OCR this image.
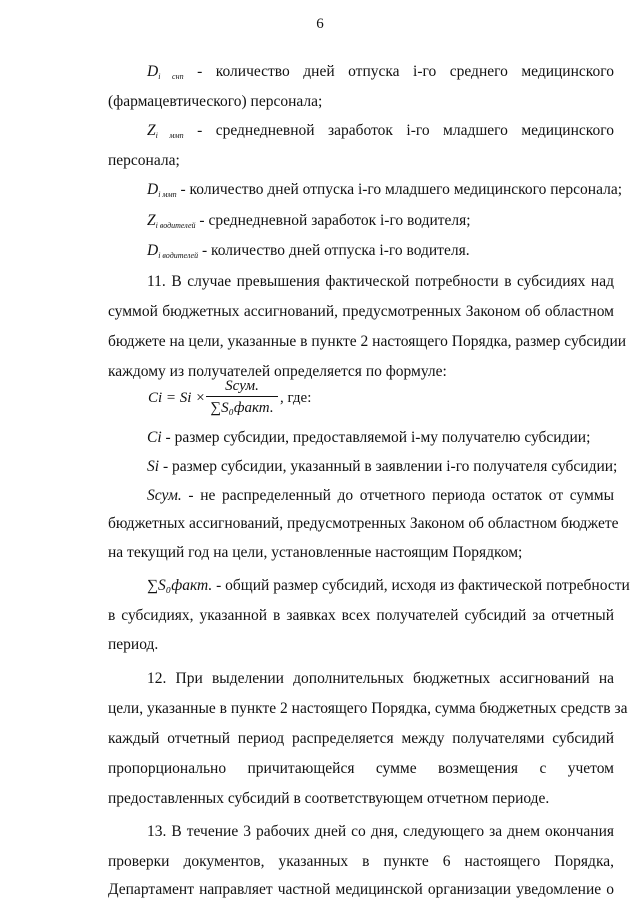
6
$D_{i снп}$ - количество дней отпуска i-го среднего медицинского
(фармацевтического) персонала;
$Z_{i ммп}$ - среднедневной заработок i-го младшего медицинского
персонала;
$D_{i ммп}$ - количество дней отпуска i-го младшего медицинского персонала;
$Z_{i водителей}$ - среднедневной заработок i-го водителя;
$D_{i водителей}$ - количество дней отпуска i-го водителя.
11. В случае превышения фактической потребности в субсидиях над
суммой бюджетных ассигнований, предусмотренных Законом об областном
бюджете на цели, указанные в пункте 2 настоящего Порядка, размер субсидии
каждому из получателей определяется по формуле:
Ci = Si ×
Sсум.
∑S₀факт.
, где:
Ci - размер субсидии, предоставляемой i-му получателю субсидии;
Si - размер субсидии, указанный в заявлении i-го получателя субсидии;
Sсум. - не распределенный до отчетного периода остаток от суммы
бюджетных ассигнований, предусмотренных Законом об областном бюджете
на текущий год на цели, установленные настоящим Порядком;
∑S₀факт. - общий размер субсидий, исходя из фактической потребности
в субсидиях, указанной в заявках всех получателей субсидий за отчетный
период.
12. При выделении дополнительных бюджетных ассигнований на
цели, указанные в пункте 2 настоящего Порядка, сумма бюджетных средств за
каждый отчетный период распределяется между получателями субсидий
пропорционально причитающейся сумме возмещения с учетом
предоставленных субсидий в соответствующем отчетном периоде.
13. В течение 3 рабочих дней со дня, следующего за днем окончания
проверки документов, указанных в пункте 6 настоящего Порядка,
Департамент направляет частной медицинской организации уведомление о
